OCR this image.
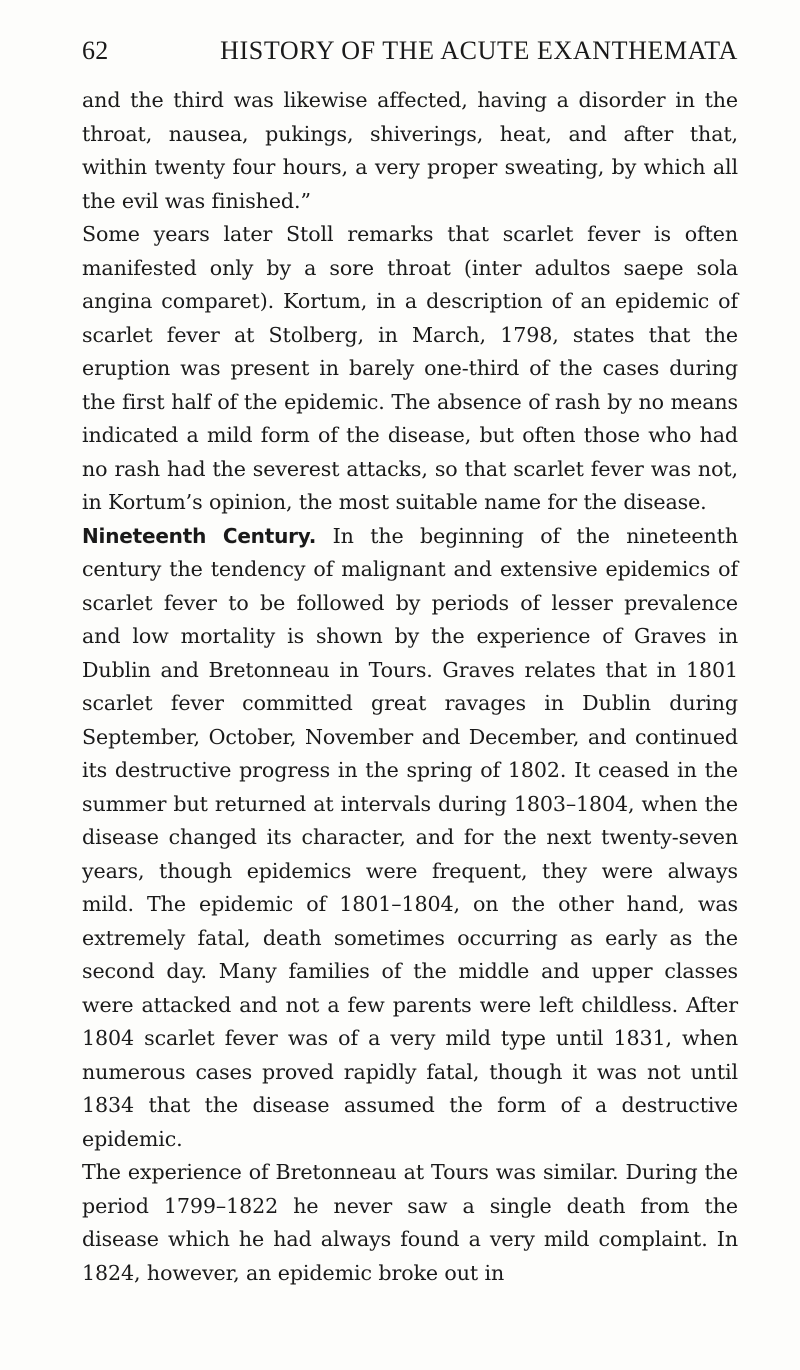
62	HISTORY OF THE ACUTE EXANTHEMATA

and the third was likewise affected, having a disorder in the throat, nausea, pukings, shiverings, heat, and after that, within twenty four hours, a very proper sweating, by which all the evil was finished.”

Some years later Stoll remarks that scarlet fever is often manifested only by a sore throat (inter adultos saepe sola angina comparet). Kortum, in a description of an epidemic of scarlet fever at Stolberg, in March, 1798, states that the eruption was present in barely one-third of the cases during the first half of the epidemic. The absence of rash by no means indicated a mild form of the disease, but often those who had no rash had the severest attacks, so that scarlet fever was not, in Kortum’s opinion, the most suitable name for the disease.

Nineteenth Century. In the beginning of the nineteenth century the tendency of malignant and extensive epidemics of scarlet fever to be followed by periods of lesser prevalence and low mortality is shown by the experience of Graves in Dublin and Bretonneau in Tours. Graves relates that in 1801 scarlet fever committed great ravages in Dublin during September, October, November and December, and continued its destructive progress in the spring of 1802. It ceased in the summer but returned at intervals during 1803–1804, when the disease changed its character, and for the next twenty-seven years, though epidemics were frequent, they were always mild. The epidemic of 1801–1804, on the other hand, was extremely fatal, death sometimes occurring as early as the second day. Many families of the middle and upper classes were attacked and not a few parents were left childless. After 1804 scarlet fever was of a very mild type until 1831, when numerous cases proved rapidly fatal, though it was not until 1834 that the disease assumed the form of a destructive epidemic.

The experience of Bretonneau at Tours was similar. During the period 1799–1822 he never saw a single death from the disease which he had always found a very mild complaint. In 1824, however, an epidemic broke out in
